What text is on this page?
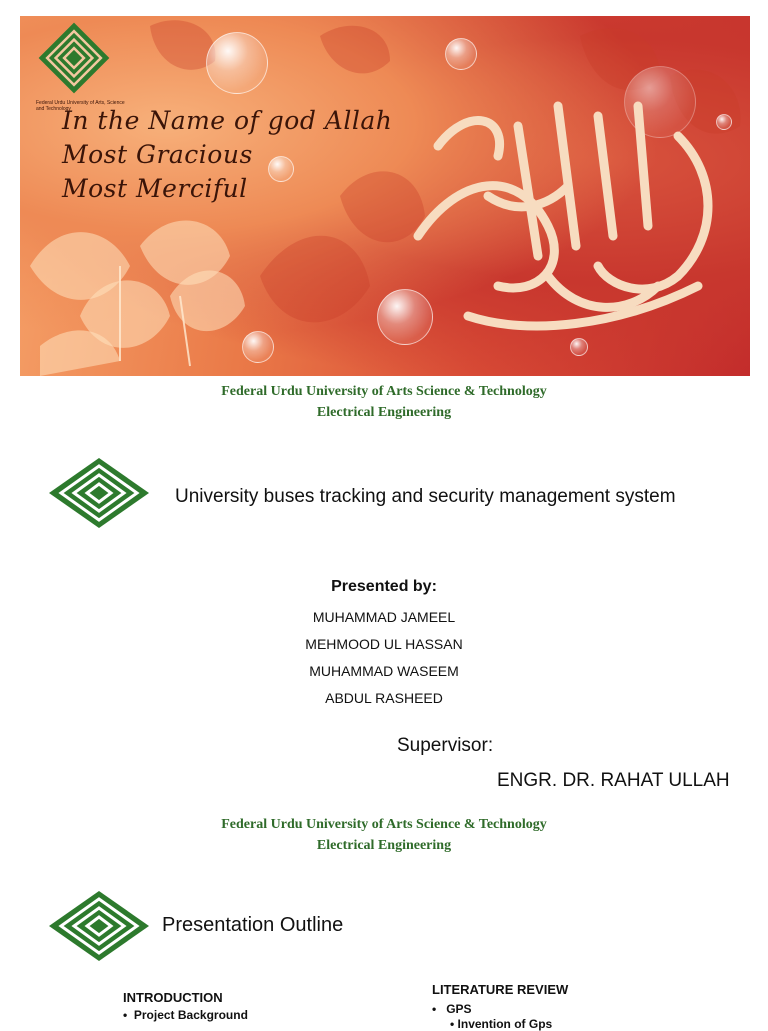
Federal Urdu University of Arts, Science and Technology
In the Name of god Allah
Most Gracious
Most Merciful
Federal Urdu University of Arts Science & Technology
Electrical Engineering
University buses tracking and security management system
Presented by:
MUHAMMAD JAMEEL
MEHMOOD UL HASSAN
MUHAMMAD WASEEM
ABDUL RASHEED
Supervisor:
ENGR. DR. RAHAT ULLAH
Federal Urdu University of Arts Science & Technology
Electrical Engineering
Presentation Outline
INTRODUCTION
•  Project Background
LITERATURE REVIEW
•   GPS
• Invention of Gps
